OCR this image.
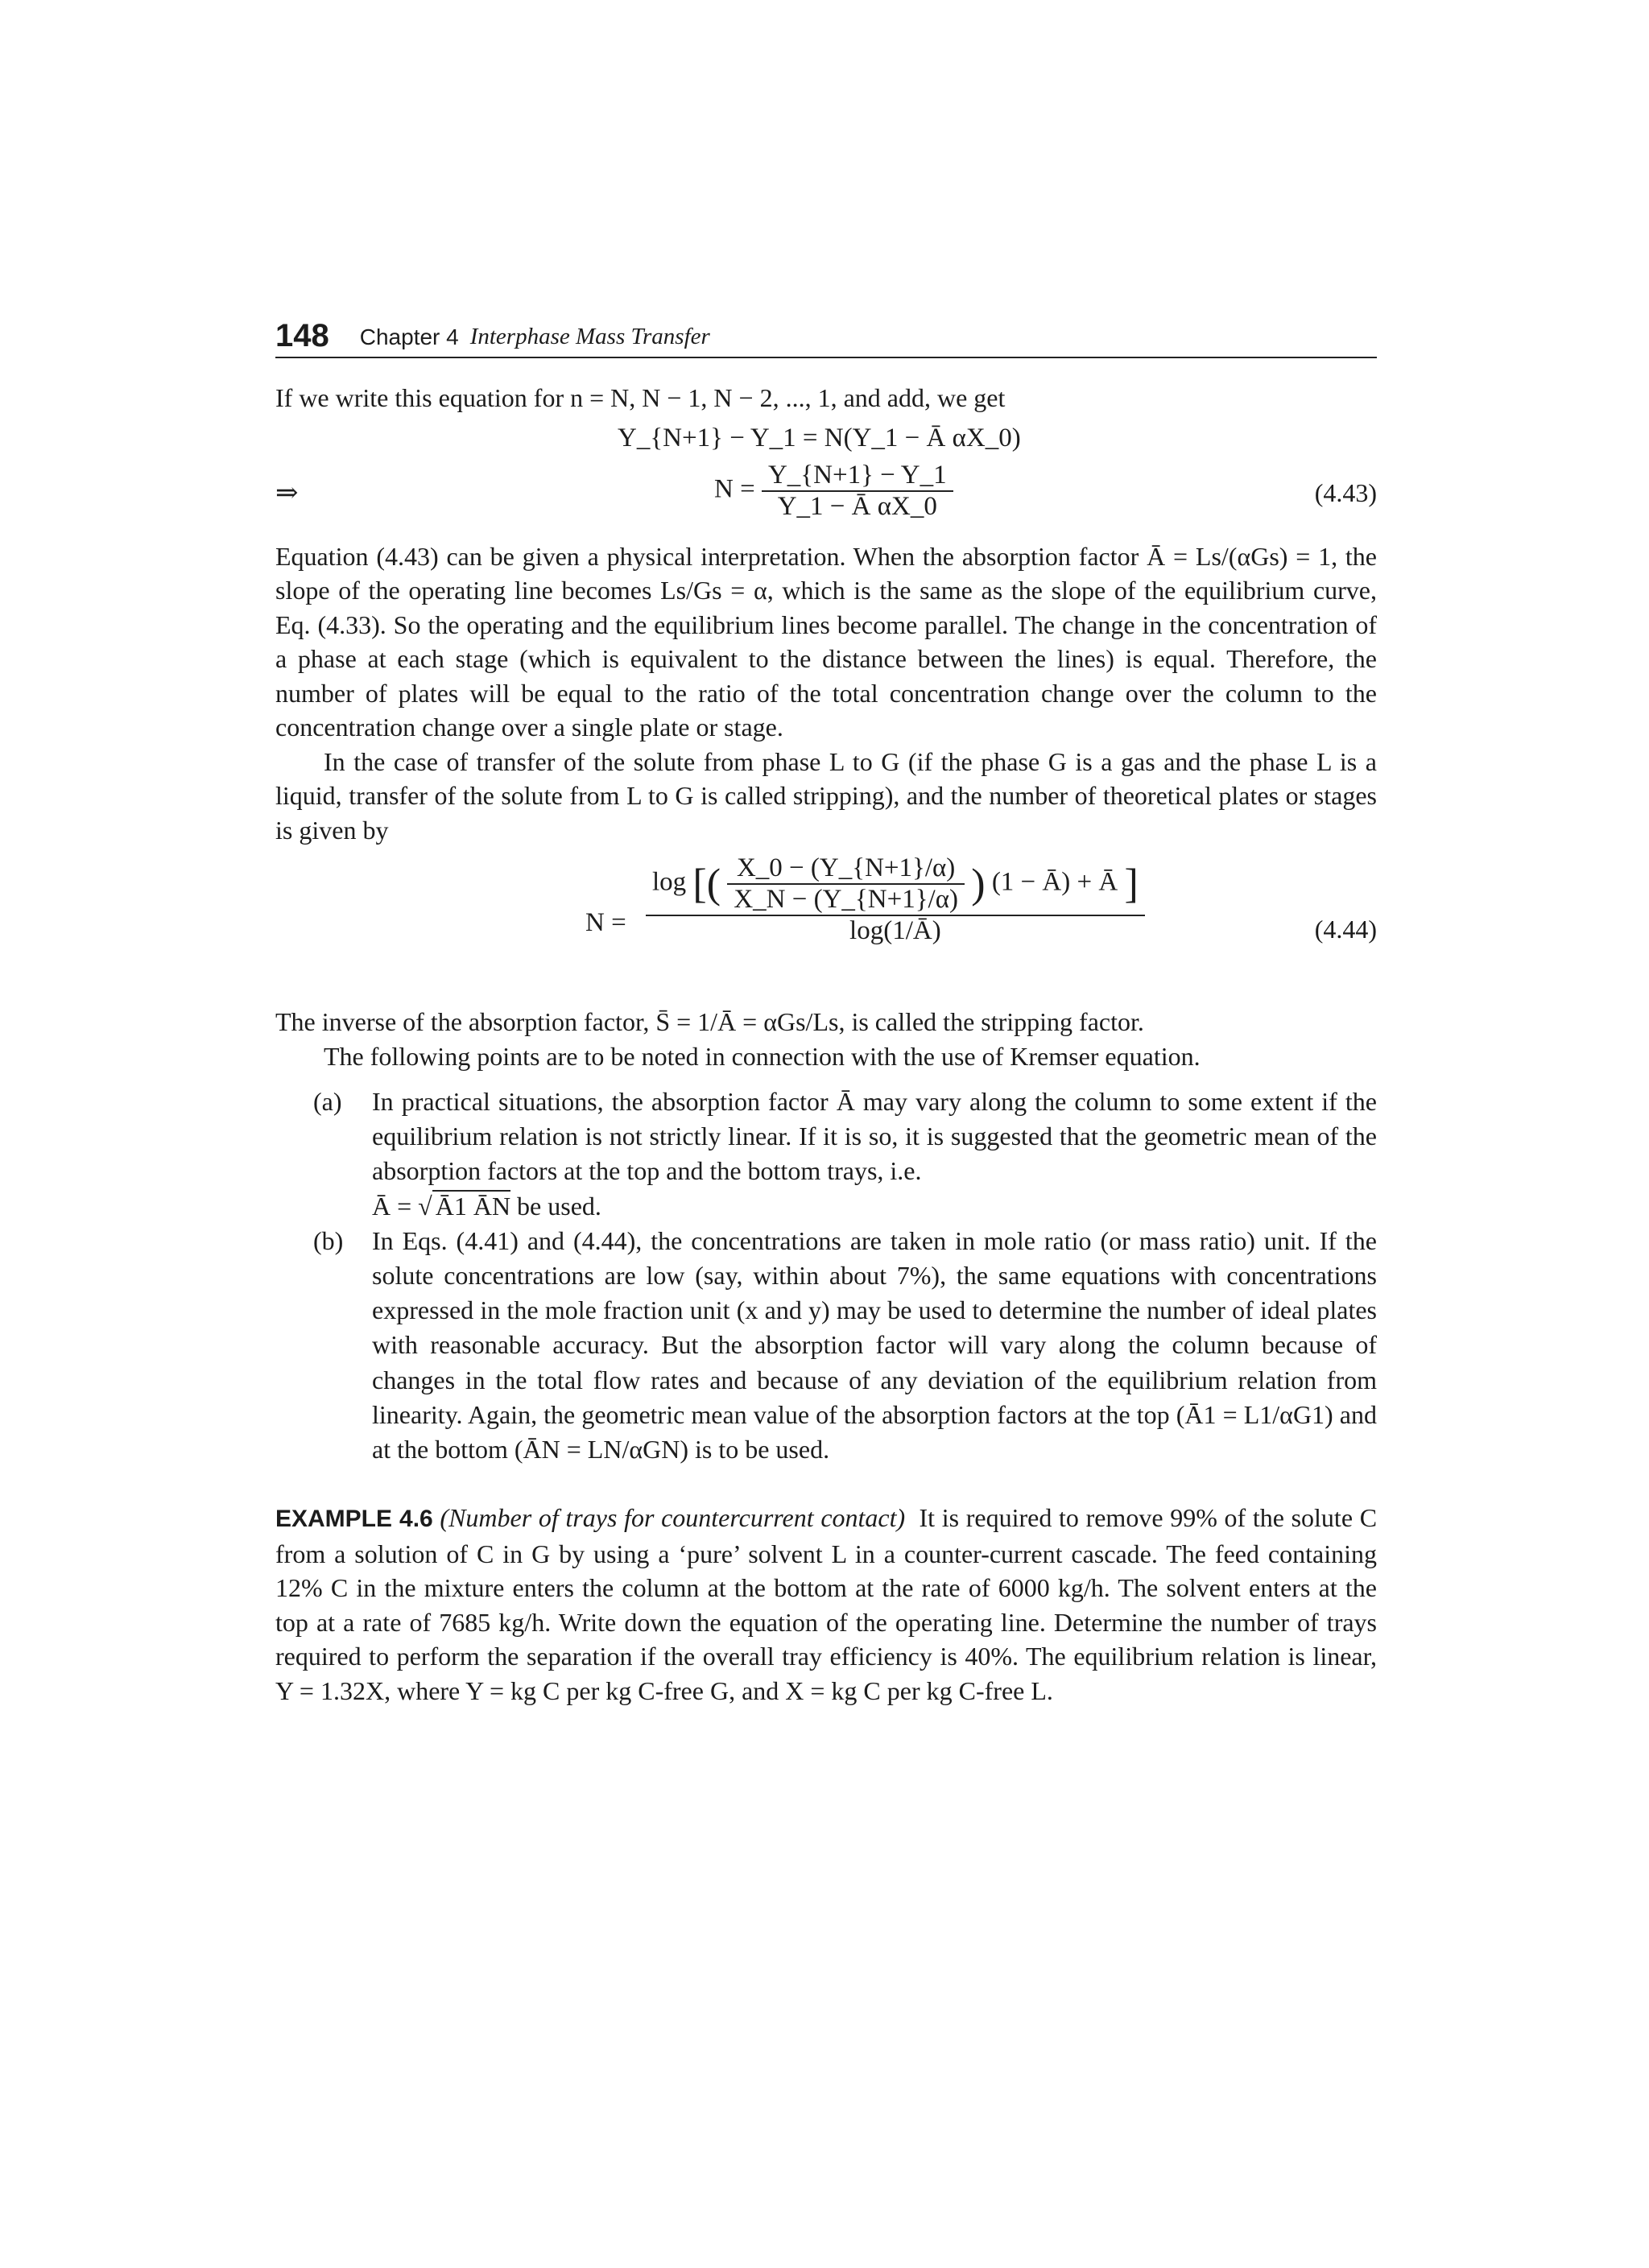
148 Chapter 4 Interphase Mass Transfer

If we write this equation for n = N, N − 1, N − 2, ..., 1, and add, we get

Y_{N+1} − Y_1 = N(Y_1 − Ā αX_0)
⇒	$N = \frac{Y\_\{N+1\} - Y\_1}{\text{Y\_1 − Ā αX\_0}}$	(4.43)

Equation (4.43) can be given a physical interpretation. When the absorption factor Ā = Ls/(αGs) = 1, the slope of the operating line becomes Ls/Gs = α, which is the same as the slope of the equilibrium curve, Eq. (4.33). So the operating and the equilibrium lines become parallel. The change in the concentration of a phase at each stage (which is equivalent to the distance between the lines) is equal. Therefore, the number of plates will be equal to the ratio of the total concentration change over the column to the concentration change over a single plate or stage.

In the case of transfer of the solute from phase L to G (if the phase G is a gas and the phase L is a liquid, transfer of the solute from L to G is called stripping), and the number of theoretical plates or stages is given by

N =
log [( $\frac{X\_0 - (Y\_\{N+1\}/\alpha)}{X\_N - (Y\_\{N+1\}/\alpha)}$ ) (1 − Ā) + Ā ]
log(1/Ā)	(4.44)

The inverse of the absorption factor, S̄ = 1/Ā = αGs/Ls, is called the stripping factor.

The following points are to be noted in connection with the use of Kremser equation.

(a) In practical situations, the absorption factor Ā may vary along the column to some extent if the equilibrium relation is not strictly linear. If it is so, it is suggested that the geometric mean of the absorption factors at the top and the bottom trays, i.e.
Ā = √ Ā1 ĀN be used.
(b) In Eqs. (4.41) and (4.44), the concentrations are taken in mole ratio (or mass ratio) unit. If the solute concentrations are low (say, within about 7%), the same equations with concentrations expressed in the mole fraction unit (x and y) may be used to determine the number of ideal plates with reasonable accuracy. But the absorption factor will vary along the column because of changes in the total flow rates and because of any deviation of the equilibrium relation from linearity. Again, the geometric mean value of the absorption factors at the top (Ā1 = L1/αG1) and at the bottom (ĀN = LN/αGN) is to be used.

EXAMPLE 4.6 (Number of trays for countercurrent contact) It is required to remove 99% of the solute C from a solution of C in G by using a ‘pure’ solvent L in a counter-current cascade. The feed containing 12% C in the mixture enters the column at the bottom at the rate of 6000 kg/h. The solvent enters at the top at a rate of 7685 kg/h. Write down the equation of the operating line. Determine the number of trays required to perform the separation if the overall tray efficiency is 40%. The equilibrium relation is linear, Y = 1.32X, where Y = kg C per kg C-free G, and X = kg C per kg C-free L.
